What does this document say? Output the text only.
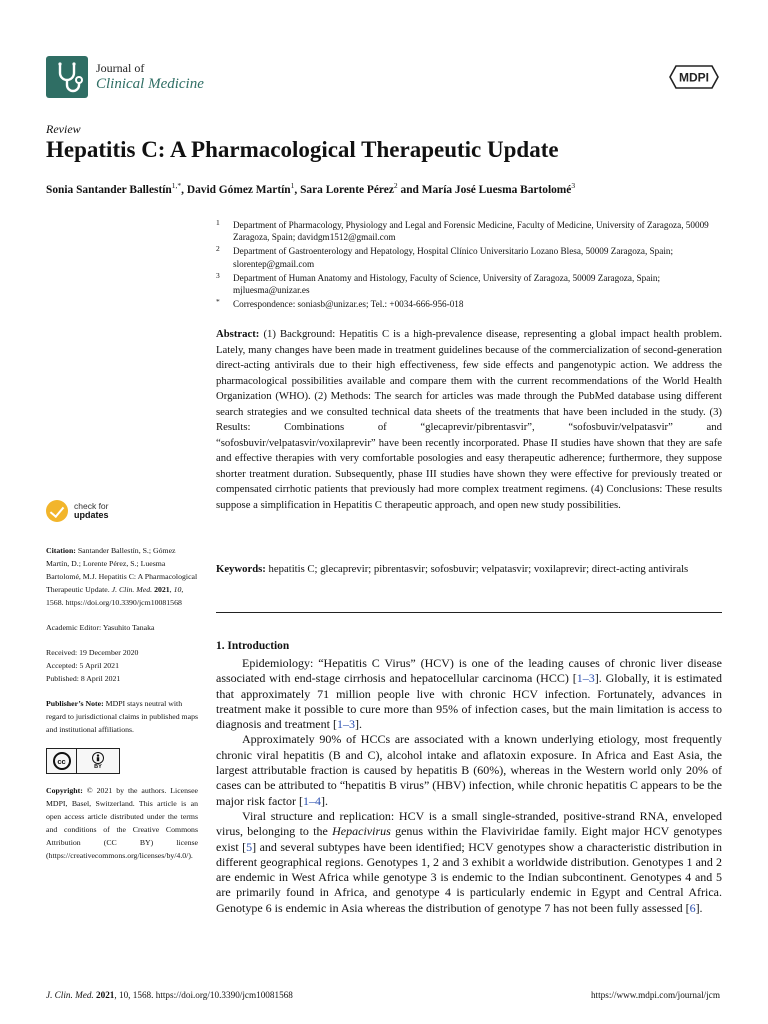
Journal of
Clinical Medicine	MDPI
Review
Hepatitis C: A Pharmacological Therapeutic Update
Sonia Santander Ballestín$^{1,*}$, David Gómez Martín$^1$, Sara Lorente Pérez$^2$ and María José Luesma Bartolomé$^3$
1 Department of Pharmacology, Physiology and Legal and Forensic Medicine, Faculty of Medicine, University of Zaragoza, 50009 Zaragoza, Spain; davidgm1512@gmail.com
2 Department of Gastroenterology and Hepatology, Hospital Clínico Universitario Lozano Blesa, 50009 Zaragoza, Spain; slorentep@gmail.com
3 Department of Human Anatomy and Histology, Faculty of Science, University of Zaragoza, 50009 Zaragoza, Spain; mjluesma@unizar.es
* Correspondence: soniasb@unizar.es; Tel.: +0034-666-956-018
Abstract: (1) Background: Hepatitis C is a high-prevalence disease, representing a global impact health problem. Lately, many changes have been made in treatment guidelines because of the commercialization of second-generation direct-acting antivirals due to their high effectiveness, few side effects and pangenotypic action. We address the pharmacological possibilities available and compare them with the current recommendations of the World Health Organization (WHO). (2) Methods: The search for articles was made through the PubMed database using different search strategies and we consulted technical data sheets of the treatments that have been included in the study. (3) Results: Combinations of “glecaprevir/pibrentasvir”, “sofosbuvir/velpatasvir” and “sofosbuvir/velpatasvir/voxilaprevir” have been recently incorporated. Phase II studies have shown that they are safe and effective therapies with very comfortable posologies and easy therapeutic adherence; furthermore, they suppose shorter treatment duration. Subsequently, phase III studies have shown they were effective for previously treated or compensated cirrhotic patients that previously had more complex treatment regimens. (4) Conclusions: These results suppose a simplification in Hepatitis C therapeutic approach, and open new study possibilities.
Keywords: hepatitis C; glecaprevir; pibrentasvir; sofosbuvir; velpatasvir; voxilaprevir; direct-acting antivirals
check for
updates
Citation: Santander Ballestín, S.; Gómez Martín, D.; Lorente Pérez, S.; Luesma Bartolomé, M.J. Hepatitis C: A Pharmacological Therapeutic Update. J. Clin. Med. 2021, 10, 1568. https://doi.org/10.3390/jcm10081568
Academic Editor: Yasuhito Tanaka
Received: 19 December 2020
Accepted: 5 April 2021
Published: 8 April 2021
Publisher’s Note: MDPI stays neutral with regard to jurisdictional claims in published maps and institutional affiliations.
cc
BY
Copyright: © 2021 by the authors. Licensee MDPI, Basel, Switzerland. This article is an open access article distributed under the terms and conditions of the Creative Commons Attribution (CC BY) license (https://creativecommons.org/licenses/by/4.0/).
1. Introduction

Epidemiology: “Hepatitis C Virus” (HCV) is one of the leading causes of chronic liver disease associated with end-stage cirrhosis and hepatocellular carcinoma (HCC) [1–3]. Globally, it is estimated that approximately 71 million people live with chronic HCV infection. Fortunately, advances in treatment make it possible to cure more than 95% of infection cases, but the main limitation is access to diagnosis and treatment [1–3].

Approximately 90% of HCCs are associated with a known underlying etiology, most frequently chronic viral hepatitis (B and C), alcohol intake and aflatoxin exposure. In Africa and East Asia, the largest attributable fraction is caused by hepatitis B (60%), whereas in the Western world only 20% of cases can be attributed to “hepatitis B virus” (HBV) infection, while chronic hepatitis C appears to be the major risk factor [1–4].

Viral structure and replication: HCV is a small single-stranded, positive-strand RNA, enveloped virus, belonging to the Hepacivirus genus within the Flaviviridae family. Eight major HCV genotypes exist [5] and several subtypes have been identified; HCV genotypes show a characteristic distribution in different geographical regions. Genotypes 1, 2 and 3 exhibit a worldwide distribution. Genotypes 1 and 2 are endemic in West Africa while genotype 3 is endemic to the Indian subcontinent. Genotypes 4 and 5 are primarily found in Africa, and genotype 4 is particularly endemic in Egypt and Central Africa. Genotype 6 is endemic in Asia whereas the distribution of genotype 7 has not been fully assessed [6].

J. Clin. Med. 2021, 10, 1568. https://doi.org/10.3390/jcm10081568	https://www.mdpi.com/journal/jcm
